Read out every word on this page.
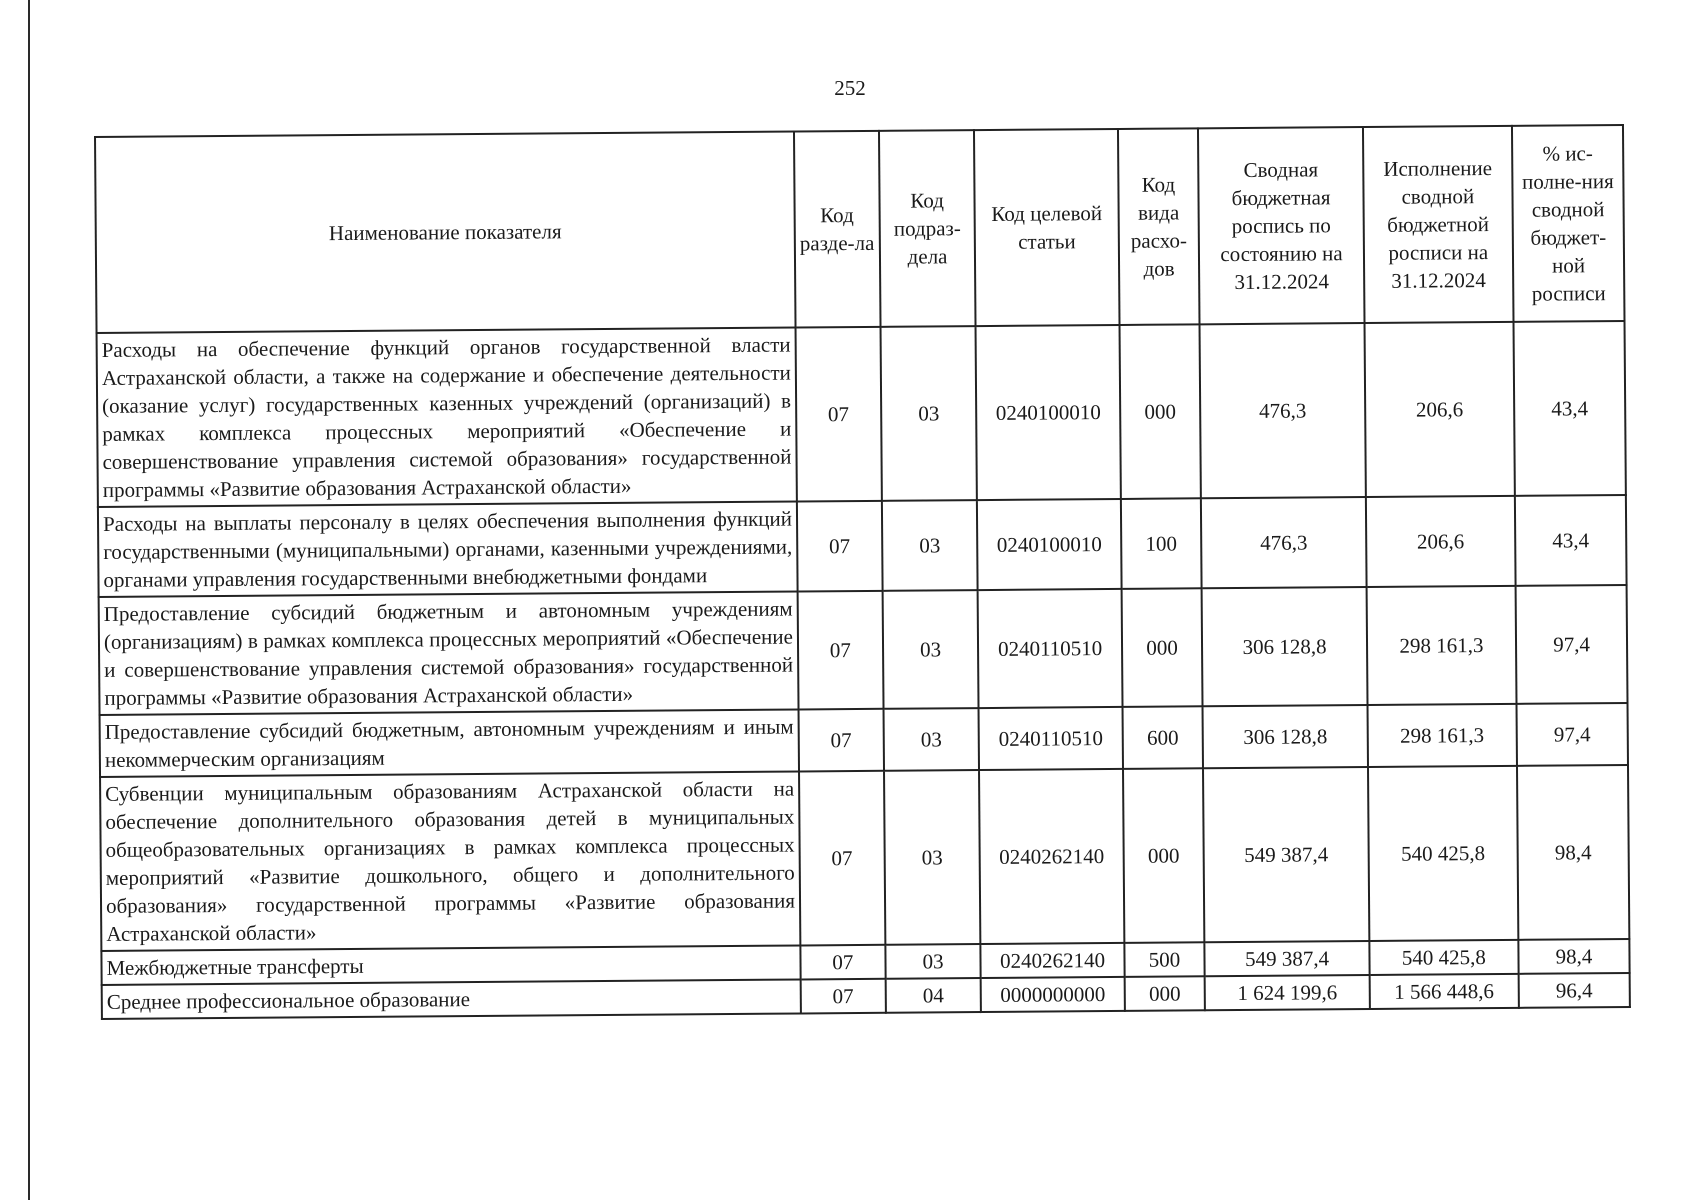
252
Наименование показателя	Код разде-ла	Код подраз-дела	Код целевой статьи	Код вида расхо-дов	Сводная бюджетная роспись по состоянию на 31.12.2024	Исполнение сводной бюджетной росписи на 31.12.2024	% ис-полне-ния сводной бюджет-ной росписи
Расходы на обеспечение функций органов государственной власти Астраханской области, а также на содержание и обеспечение деятельности (оказание услуг) государственных казенных учреждений (организаций) в рамках комплекса процессных мероприятий «Обеспечение и совершенствование управления системой образования» государственной программы «Развитие образования Астраханской области»	07	03	0240100010	000	476,3	206,6	43,4
Расходы на выплаты персоналу в целях обеспечения выполнения функций государственными (муниципальными) органами, казенными учреждениями, органами управления государственными внебюджетными фондами	07	03	0240100010	100	476,3	206,6	43,4
Предоставление субсидий бюджетным и автономным учреждениям (организациям) в рамках комплекса процессных мероприятий «Обеспечение и совершенствование управления системой образования» государственной программы «Развитие образования Астраханской области»	07	03	0240110510	000	306 128,8	298 161,3	97,4
Предоставление субсидий бюджетным, автономным учреждениям и иным некоммерческим организациям	07	03	0240110510	600	306 128,8	298 161,3	97,4
Субвенции муниципальным образованиям Астраханской области на обеспечение дополнительного образования детей в муниципальных общеобразовательных организациях в рамках комплекса процессных мероприятий «Развитие дошкольного, общего и дополнительного образования» государственной программы «Развитие образования Астраханской области»	07	03	0240262140	000	549 387,4	540 425,8	98,4
Межбюджетные трансферты	07	03	0240262140	500	549 387,4	540 425,8	98,4
Среднее профессиональное образование	07	04	0000000000	000	1 624 199,6	1 566 448,6	96,4
